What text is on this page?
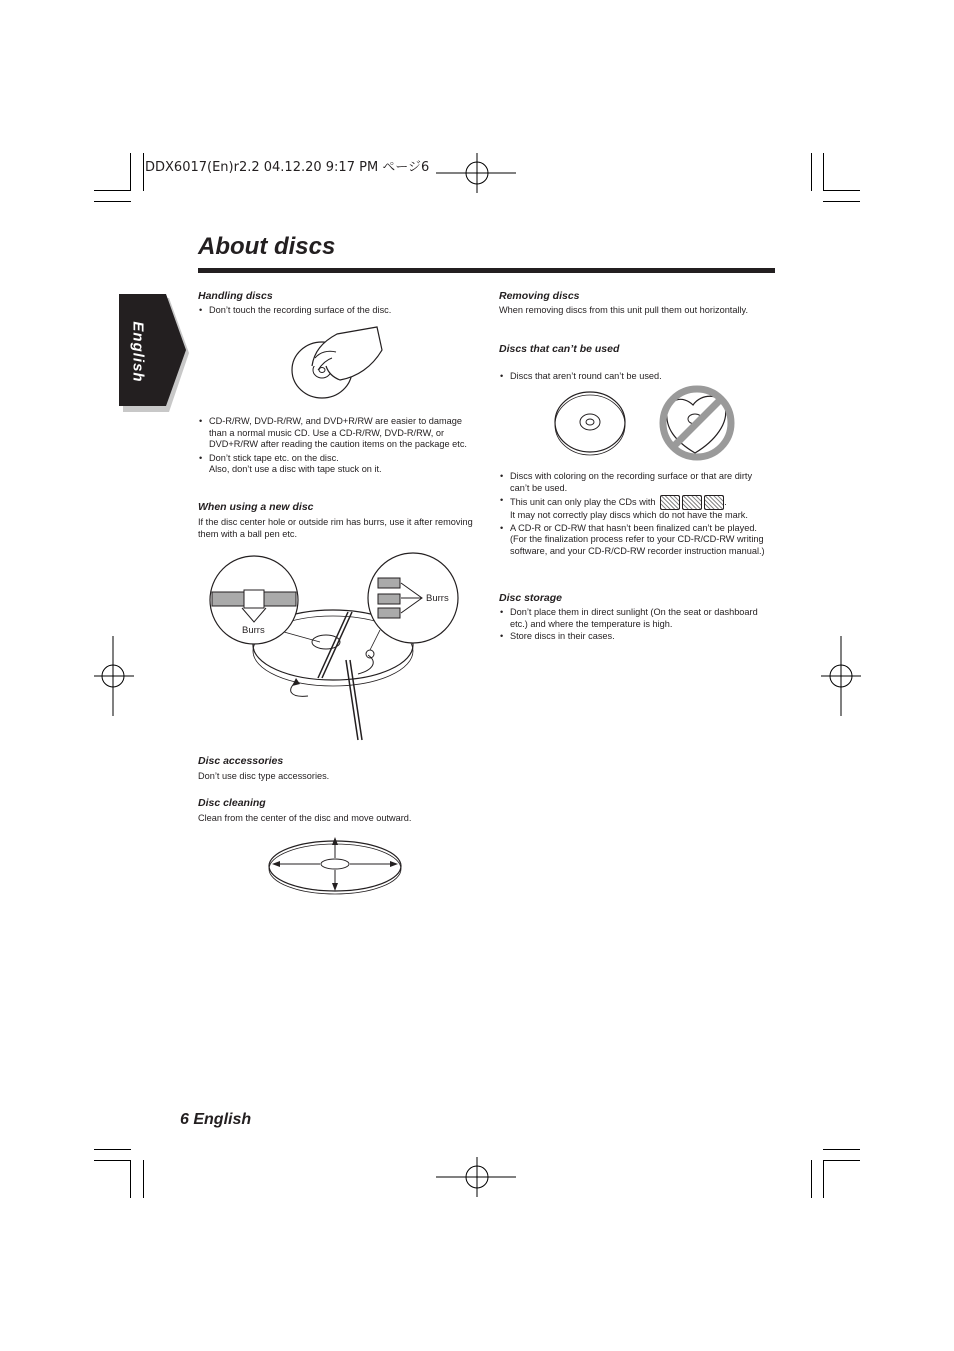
DDX6017(En)r2.2 04.12.20 9:17 PM ページ6
About discs
English
Handling discs
• Don’t touch the recording surface of the disc.
• CD-R/RW, DVD-R/RW, and DVD+R/RW are easier to damage than a normal music CD. Use a CD-R/RW, DVD-R/RW, or DVD+R/RW after reading the caution items on the package etc.
• Don’t stick tape etc. on the disc.
Also, don’t use a disc with tape stuck on it.
When using a new disc
If the disc center hole or outside rim has burrs, use it after removing them with a ball pen etc.
Burrs
Burrs
Disc accessories
Don’t use disc type accessories.
Disc cleaning
Clean from the center of the disc and move outward.
Removing discs
When removing discs from this unit pull them out horizontally.
Discs that can’t be used
• Discs that aren’t round can’t be used.
• Discs with coloring on the recording surface or that are dirty can’t be used.
• This unit can only play the CDs with	.
It may not correctly play discs which do not have the mark.
• A CD-R or CD-RW that hasn’t been finalized can’t be played. (For the finalization process refer to your CD-R/CD-RW writing software, and your CD-R/CD-RW recorder instruction manual.)
Disc storage
• Don’t place them in direct sunlight (On the seat or dashboard etc.) and where the temperature is high.
• Store discs in their cases.
6 English
